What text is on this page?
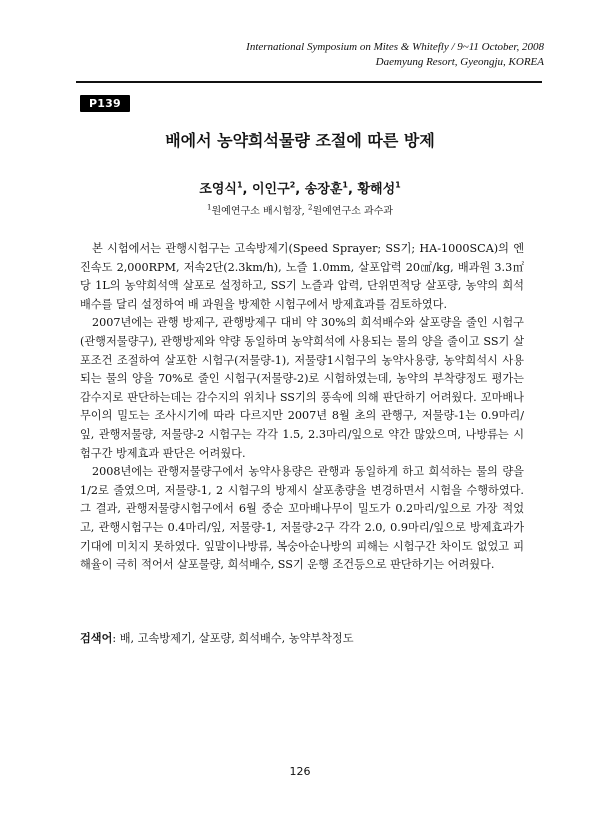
International Symposium on Mites & Whitefly / 9~11 October, 2008
Daemyung Resort, Gyeongju, KOREA
P139
배에서 농약희석물량 조절에 따른 방제
조영식$^1$, 이인구$^2$, 송장훈$^1$, 황해성$^1$
$^1$원예연구소 배시험장, $^2$원예연구소 과수과

본 시험에서는 관행시험구는 고속방제기(Speed Sprayer; SS기; HA-1000SCA)의 엔진속도 2,000RPM, 저속2단(2.3km/h), 노즐 1.0mm, 살포압력 20㎠/kg, 배과원 3.3㎡당 1L의 농약희석액 살포로 설정하고, SS기 노즐과 압력, 단위면적당 살포량, 농약의 희석배수를 달리 설정하여 배 과원을 방제한 시험구에서 방제효과를 검토하였다.

2007년에는 관행 방제구, 관행방제구 대비 약 30%의 희석배수와 살포량을 줄인 시험구(관행저물량구), 관행방제와 약량 동일하며 농약희석에 사용되는 물의 양을 줄이고 SS기 살포조건 조절하여 살포한 시험구(저물량-1), 저물량1시험구의 농약사용량, 농약희석시 사용되는 물의 양을 70%로 줄인 시험구(저물량-2)로 시험하였는데, 농약의 부착량정도 평가는 감수지로 판단하는데는 감수지의 위치나 SS기의 풍속에 의해 판단하기 어려웠다. 꼬마배나무이의 밀도는 조사시기에 따라 다르지만 2007년 8월 초의 관행구, 저물량-1는 0.9마리/잎, 관행저물량, 저물량-2 시험구는 각각 1.5, 2.3마리/잎으로 약간 많았으며, 나방류는 시험구간 방제효과 판단은 어려웠다.

2008년에는 관행저물량구에서 농약사용량은 관행과 동일하게 하고 희석하는 물의 량을 1/2로 줄였으며, 저물량-1, 2 시험구의 방제시 살포총량을 변경하면서 시험을 수행하였다. 그 결과, 관행저물량시험구에서 6월 중순 꼬마배나무이 밀도가 0.2마리/잎으로 가장 적었고, 관행시험구는 0.4마리/잎, 저물량-1, 저물량-2구 각각 2.0, 0.9마리/잎으로 방제효과가 기대에 미치지 못하였다. 잎말이나방류, 복숭아순나방의 피해는 시험구간 차이도 없었고 피해율이 극히 적어서 살포물량, 희석배수, SS기 운행 조건등으로 판단하기는 어려웠다.

검색어: 배, 고속방제기, 살포량, 희석배수, 농약부착정도
126
